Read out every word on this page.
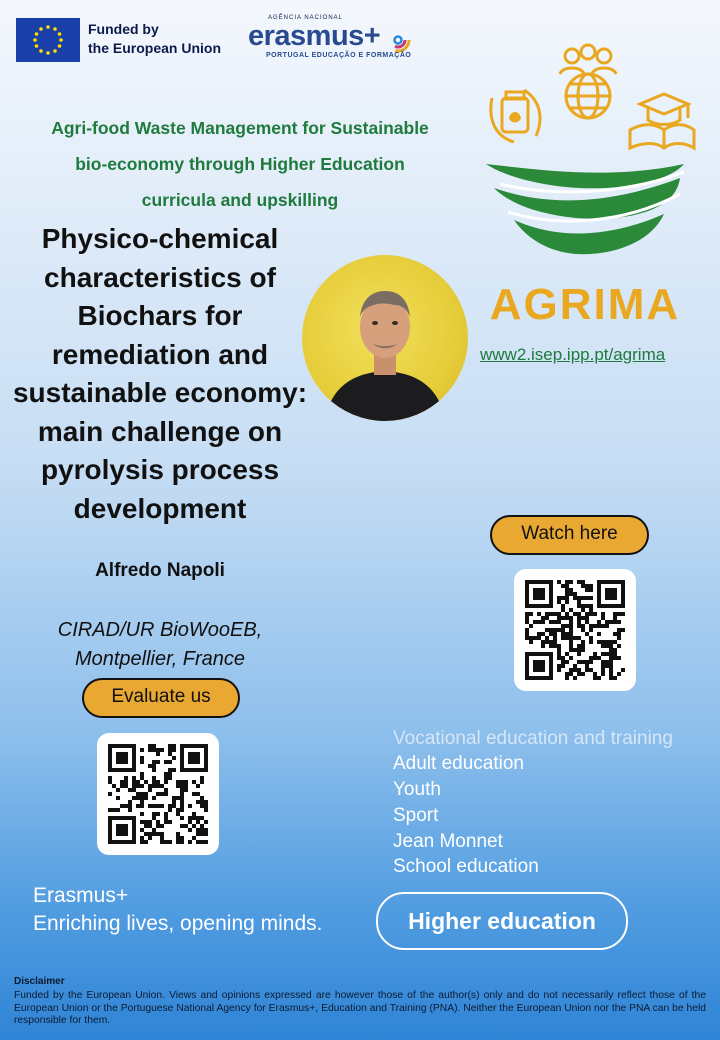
Funded by
the European Union
AGÊNCIA NACIONAL
erasmus+
PORTUGAL EDUCAÇÃO E FORMAÇÃO
Agri-food Waste Management for Sustainable
bio-economy through Higher Education
curricula and upskilling
Physico-chemical
characteristics of
Biochars for
remediation and
sustainable economy:
main challenge on
pyrolysis process
development
AGRIMA
www2.isep.ipp.pt/agrima
Alfredo Napoli
CIRAD/UR BioWooEB,
Montpellier, France
Evaluate us
Watch here
Vocational education and training
Adult education
Youth
Sport
Jean Monnet
School education
Higher education
Erasmus+
Enriching lives, opening minds.
Disclaimer
Funded by the European Union. Views and opinions expressed are however those of the author(s) only and do not necessarily reflect those of the European Union or the Portuguese National Agency for Erasmus+, Education and Training (PNA). Neither the European Union nor the PNA can be held responsible for them.
